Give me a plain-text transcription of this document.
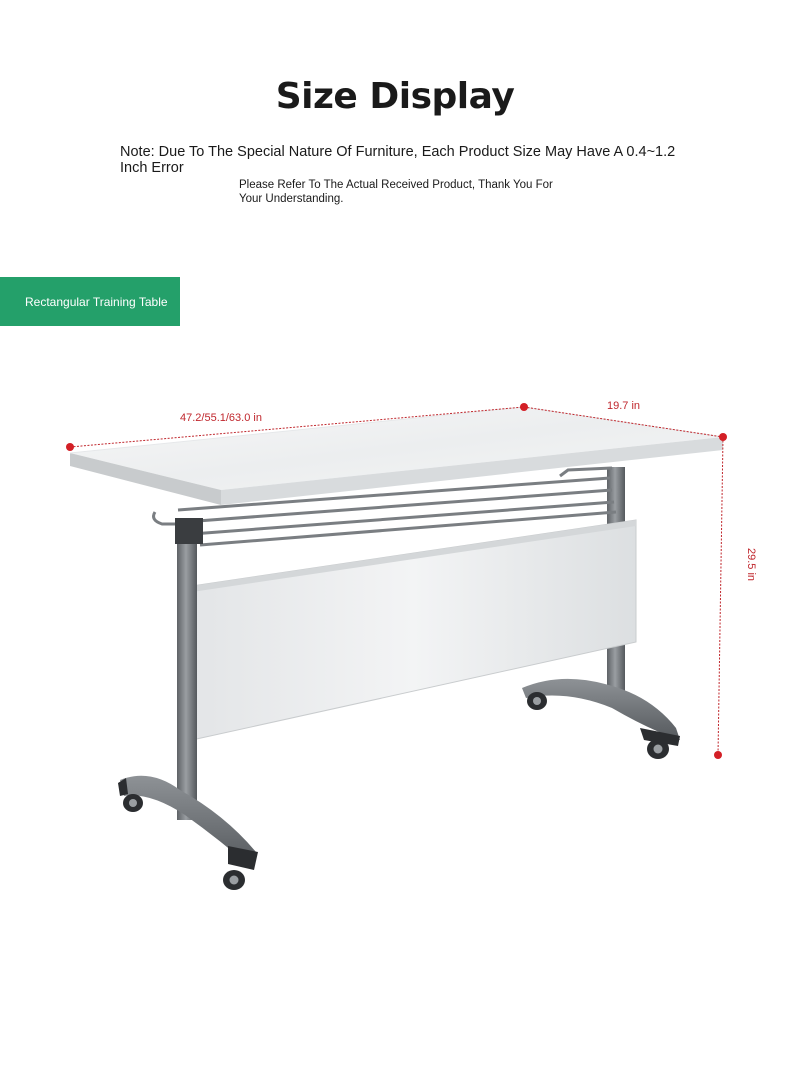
Size Display
Note: Due To The Special Nature Of Furniture, Each Product Size May Have A 0.4~1.2 Inch Error
Please Refer To The Actual Received Product, Thank You For Your Understanding.
Rectangular Training Table
47.2/55.1/63.0 in
19.7 in
29.5 in
